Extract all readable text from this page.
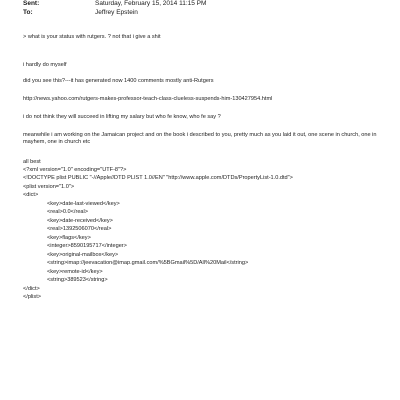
Sent:	Saturday, February 15, 2014 11:15 PM
To:	Jeffrey Epstein
> what is your status with rutgers. ? not that i give a shit
i hardly do myself
did you see this?---it has generated now 1400 comments mostly anti-Rutgers
http://news.yahoo.com/rutgers-makes-professor-teach-class-clueless-suspends-him-130427954.html
i do not think they will succeed in lifting my salary but who fe know, who fe say ?
meanwhile i am working on the Jamaican project and on the book i described to you, pretty much as you laid it out, one scene in church, one in mayhem, one in church etc
all best
<?xml version="1.0" encoding="UTF-8"?>
<!DOCTYPE plist PUBLIC "-//Apple//DTD PLIST 1.0//EN" "http://www.apple.com/DTDs/PropertyList-1.0.dtd">
<plist version="1.0">
<dict>
<key>date-last-viewed</key>
<real>0.0</real>
<key>date-received</key>
<real>1392506070</real>
<key>flags</key>
<integer>8590195717</integer>
<key>original-mailbox</key>
<string>imap://jeevacation@imap.gmail.com/%5BGmail%5D/All%20Mail</string>
<key>remote-id</key>
<string>389523</string>
</dict>
</plist>
